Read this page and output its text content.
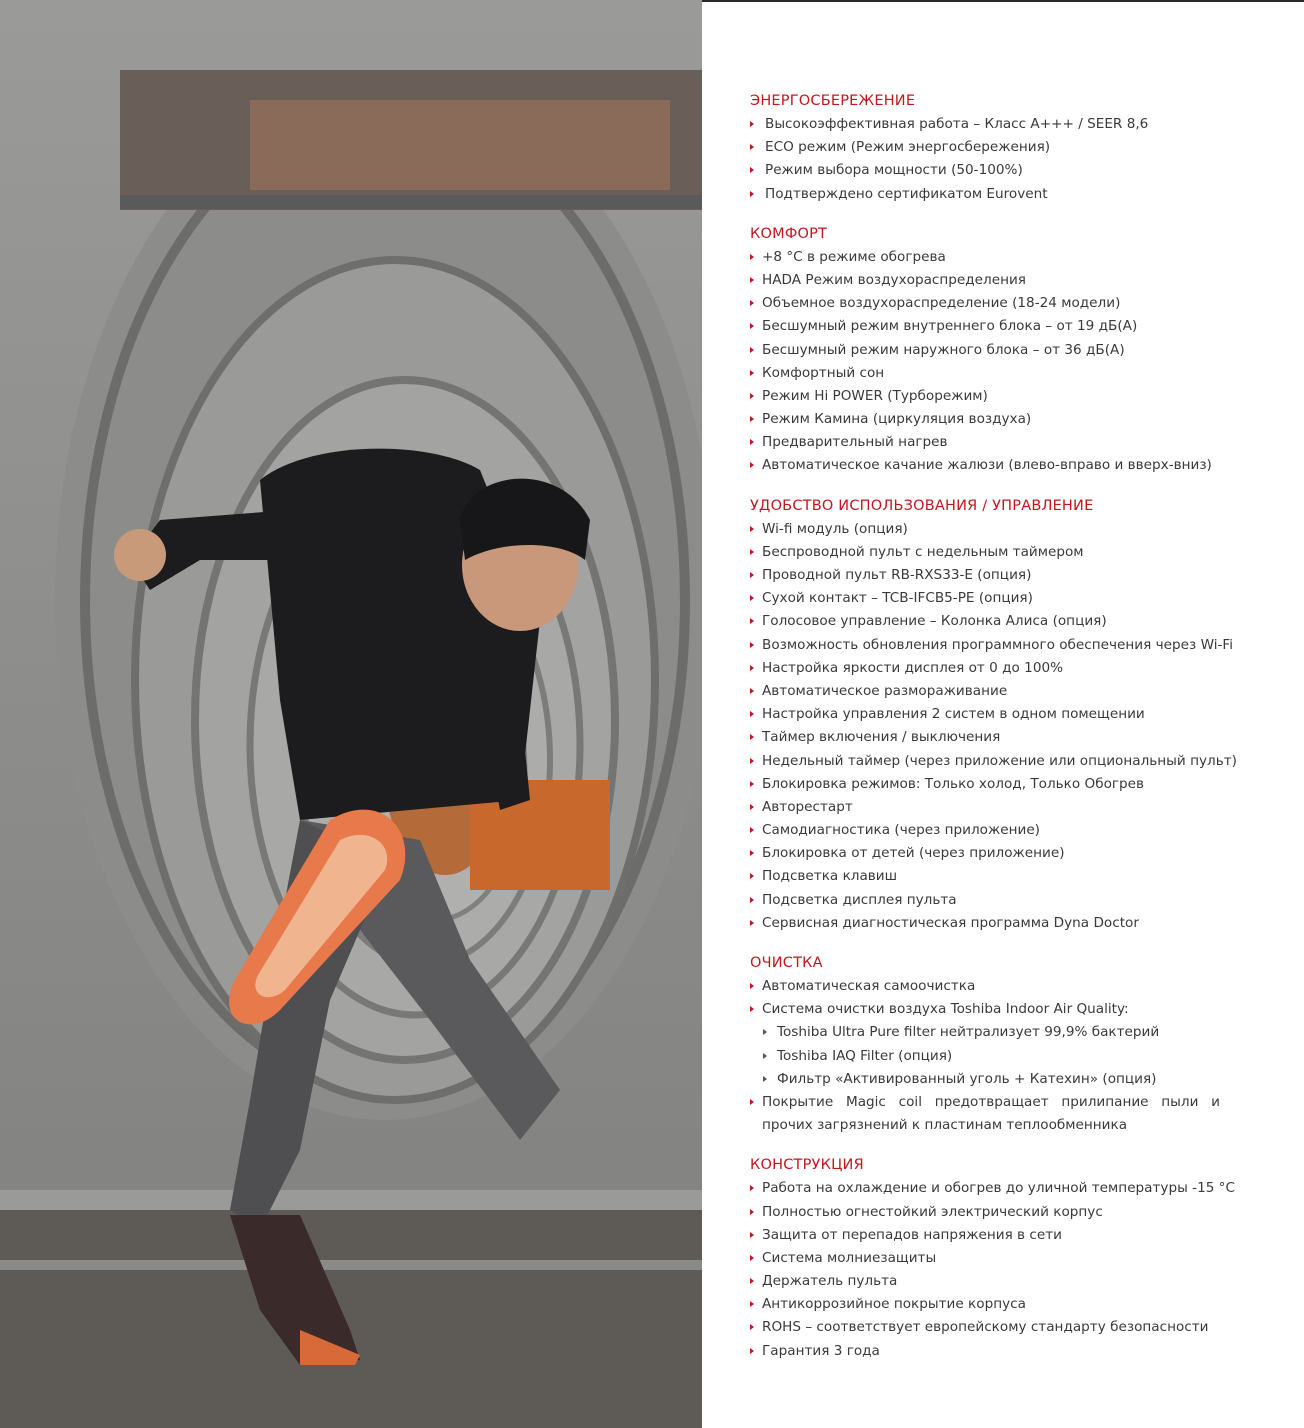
ЭНЕРГОСБЕРЕЖЕНИЕ
Высокоэффективная работа – Класс А+++ / SEER 8,6
ECO режим (Режим энергосбережения)
Режим выбора мощности (50-100%)
Подтверждено сертификатом Eurovent
КОМФОРТ
+8 °C в режиме обогрева
HADA Режим воздухораспределения
Объемное воздухораспределение (18-24 модели)
Бесшумный режим внутреннего блока – от 19 дБ(А)
Бесшумный режим наружного блока – от 36 дБ(А)
Комфортный сон
Режим Hi POWER (Турборежим)
Режим Камина (циркуляция воздуха)
Предварительный нагрев
Автоматическое качание жалюзи (влево-вправо и вверх-вниз)
УДОБСТВО ИСПОЛЬЗОВАНИЯ / УПРАВЛЕНИЕ
Wi-fi модуль (опция)
Беспроводной пульт с недельным таймером
Проводной пульт RB-RXS33-E (опция)
Сухой контакт – TCB-IFCB5-PE (опция)
Голосовое управление – Колонка Алиса (опция)
Возможность обновления программного обеспечения через Wi-Fi
Настройка яркости дисплея от 0 до 100%
Автоматическое размораживание
Настройка управления 2 систем в одном помещении
Таймер включения / выключения
Недельный таймер (через приложение или опциональный пульт)
Блокировка режимов: Только холод, Только Обогрев
Авторестарт
Самодиагностика (через приложение)
Блокировка от детей (через приложение)
Подсветка клавиш
Подсветка дисплея пульта
Сервисная диагностическая программа Dyna Doctor
ОЧИСТКА
Автоматическая самоочистка
Система очистки воздуха Toshiba Indoor Air Quality:
Toshiba Ultra Pure filter нейтрализует 99,9% бактерий
Toshiba IAQ Filter (опция)
Фильтр «Активированный уголь + Катехин» (опция)
Покрытие Magic coil предотвращает прилипание пыли и прочих загрязнений к пластинам теплообменника
КОНСТРУКЦИЯ
Работа на охлаждение и обогрев до уличной температуры -15 °C
Полностью огнестойкий электрический корпус
Защита от перепадов напряжения в сети
Система молниезащиты
Держатель пульта
Антикоррозийное покрытие корпуса
ROHS – соответствует европейскому стандарту безопасности
Гарантия 3 года
